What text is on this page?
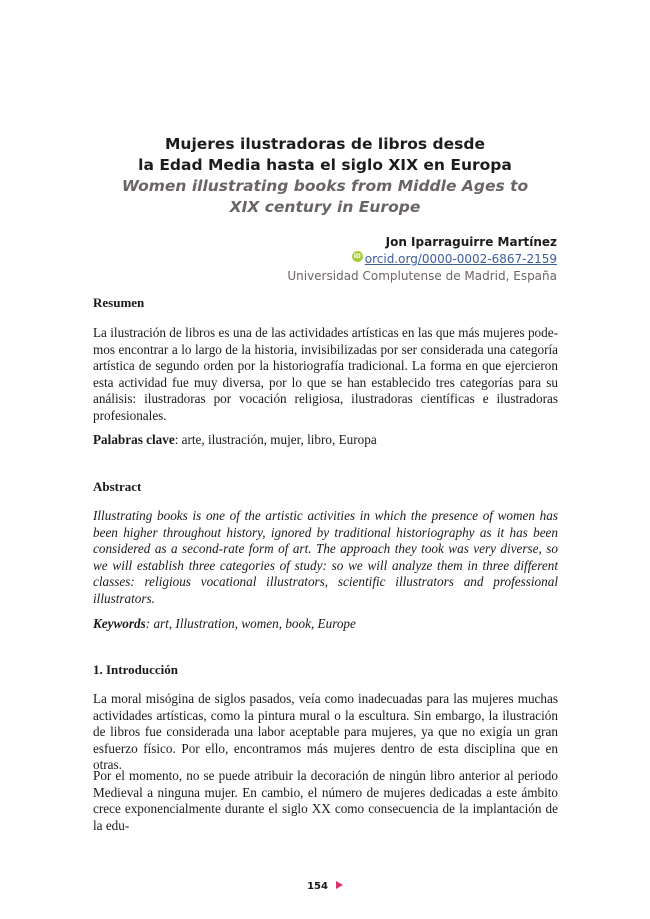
Mujeres ilustradoras de libros desde
la Edad Media hasta el siglo XIX en Europa
Women illustrating books from Middle Ages to
XIX century in Europe
Jon Iparraguirre Martínez
iD orcid.org/0000-0002-6867-2159
Universidad Complutense de Madrid, España
Resumen
La ilustración de libros es una de las actividades artísticas en las que más mujeres podemos encontrar a lo largo de la historia, invisibilizadas por ser considerada una categoría artística de segundo orden por la historiografía tradicional. La forma en que ejercieron esta actividad fue muy diversa, por lo que se han establecido tres categorías para su análisis: ilustradoras por vocación religiosa, ilustradoras científicas e ilustradoras profesionales.
Palabras clave: arte, ilustración, mujer, libro, Europa
Abstract
Illustrating books is one of the artistic activities in which the presence of women has been higher throughout history, ignored by traditional historiography as it has been considered as a second-rate form of art. The approach they took was very diverse, so we will establish three categories of study: so we will analyze them in three different classes: religious vocational illustrators, scientific illustrators and professional illustrators.
Keywords: art, Illustration, women, book, Europe
1. Introducción
La moral misógina de siglos pasados, veía como inadecuadas para las mujeres muchas actividades artísticas, como la pintura mural o la escultura. Sin embargo, la ilustración de libros fue considerada una labor aceptable para mujeres, ya que no exigía un gran esfuerzo físico. Por ello, encontramos más mujeres dentro de esta disciplina que en otras.
Por el momento, no se puede atribuir la decoración de ningún libro anterior al periodo Medieval a ninguna mujer. En cambio, el número de mujeres dedicadas a este ámbito crece exponencialmente durante el siglo XX como consecuencia de la implantación de la edu-
154
